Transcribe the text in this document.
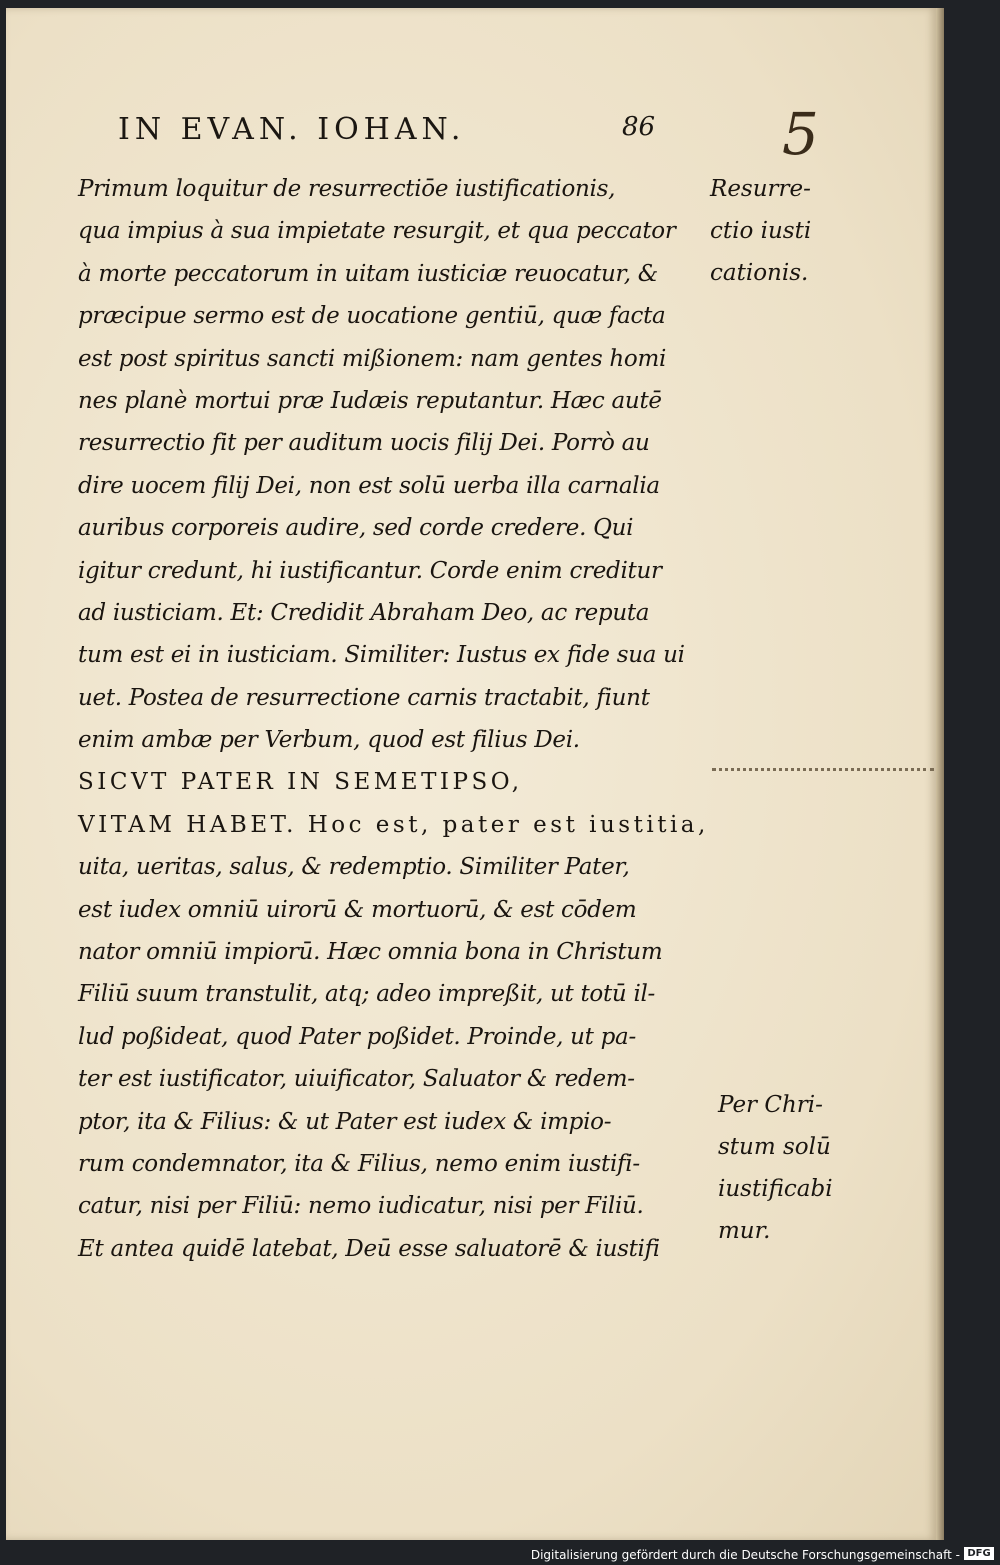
IN EVAN. IOHAN.	86 5
Primum loquitur de resurrectiōe iustificationis,
qua impius à sua impietate resurgit, et qua peccator
à morte peccatorum in uitam iusticiæ reuocatur, &
præcipue sermo est de uocatione gentiū, quæ facta
est post spiritus sancti mißionem: nam gentes homi
nes planè mortui præ Iudæis reputantur. Hæc autē
resurrectio fit per auditum uocis filij Dei. Porrò au
dire uocem filij Dei, non est solū uerba illa carnalia
auribus corporeis audire, sed corde credere. Qui
igitur credunt, hi iustificantur. Corde enim creditur
ad iusticiam. Et: Credidit Abraham Deo, ac reputa
tum est ei in iusticiam. Similiter: Iustus ex fide sua ui
uet. Postea de resurrectione carnis tractabit, fiunt
enim ambæ per Verbum, quod est filius Dei.
SICVT PATER IN SEMETIPSO,
VITAM HABET. Hoc est, pater est iustitia,
uita, ueritas, salus, & redemptio. Similiter Pater,
est iudex omniū uirorū & mortuorū, & est cōdem
nator omniū impiorū. Hæc omnia bona in Christum
Filiū suum transtulit, atq; adeo impreßit, ut totū il-
lud poßideat, quod Pater poßidet. Proinde, ut pa-
ter est iustificator, uiuificator, Saluator & redem-
ptor, ita & Filius: & ut Pater est iudex & impio-
rum condemnator, ita & Filius, nemo enim iustifi-
catur, nisi per Filiū: nemo iudicatur, nisi per Filiū.
Et antea quidē latebat, Deū esse saluatorē & iustifi
Resurre-
ctio iusti
cationis.
Per Chri-
stum solū
iustificabi
mur.
Digitalisierung gefördert durch die Deutsche Forschungsgemeinschaft - DFG
